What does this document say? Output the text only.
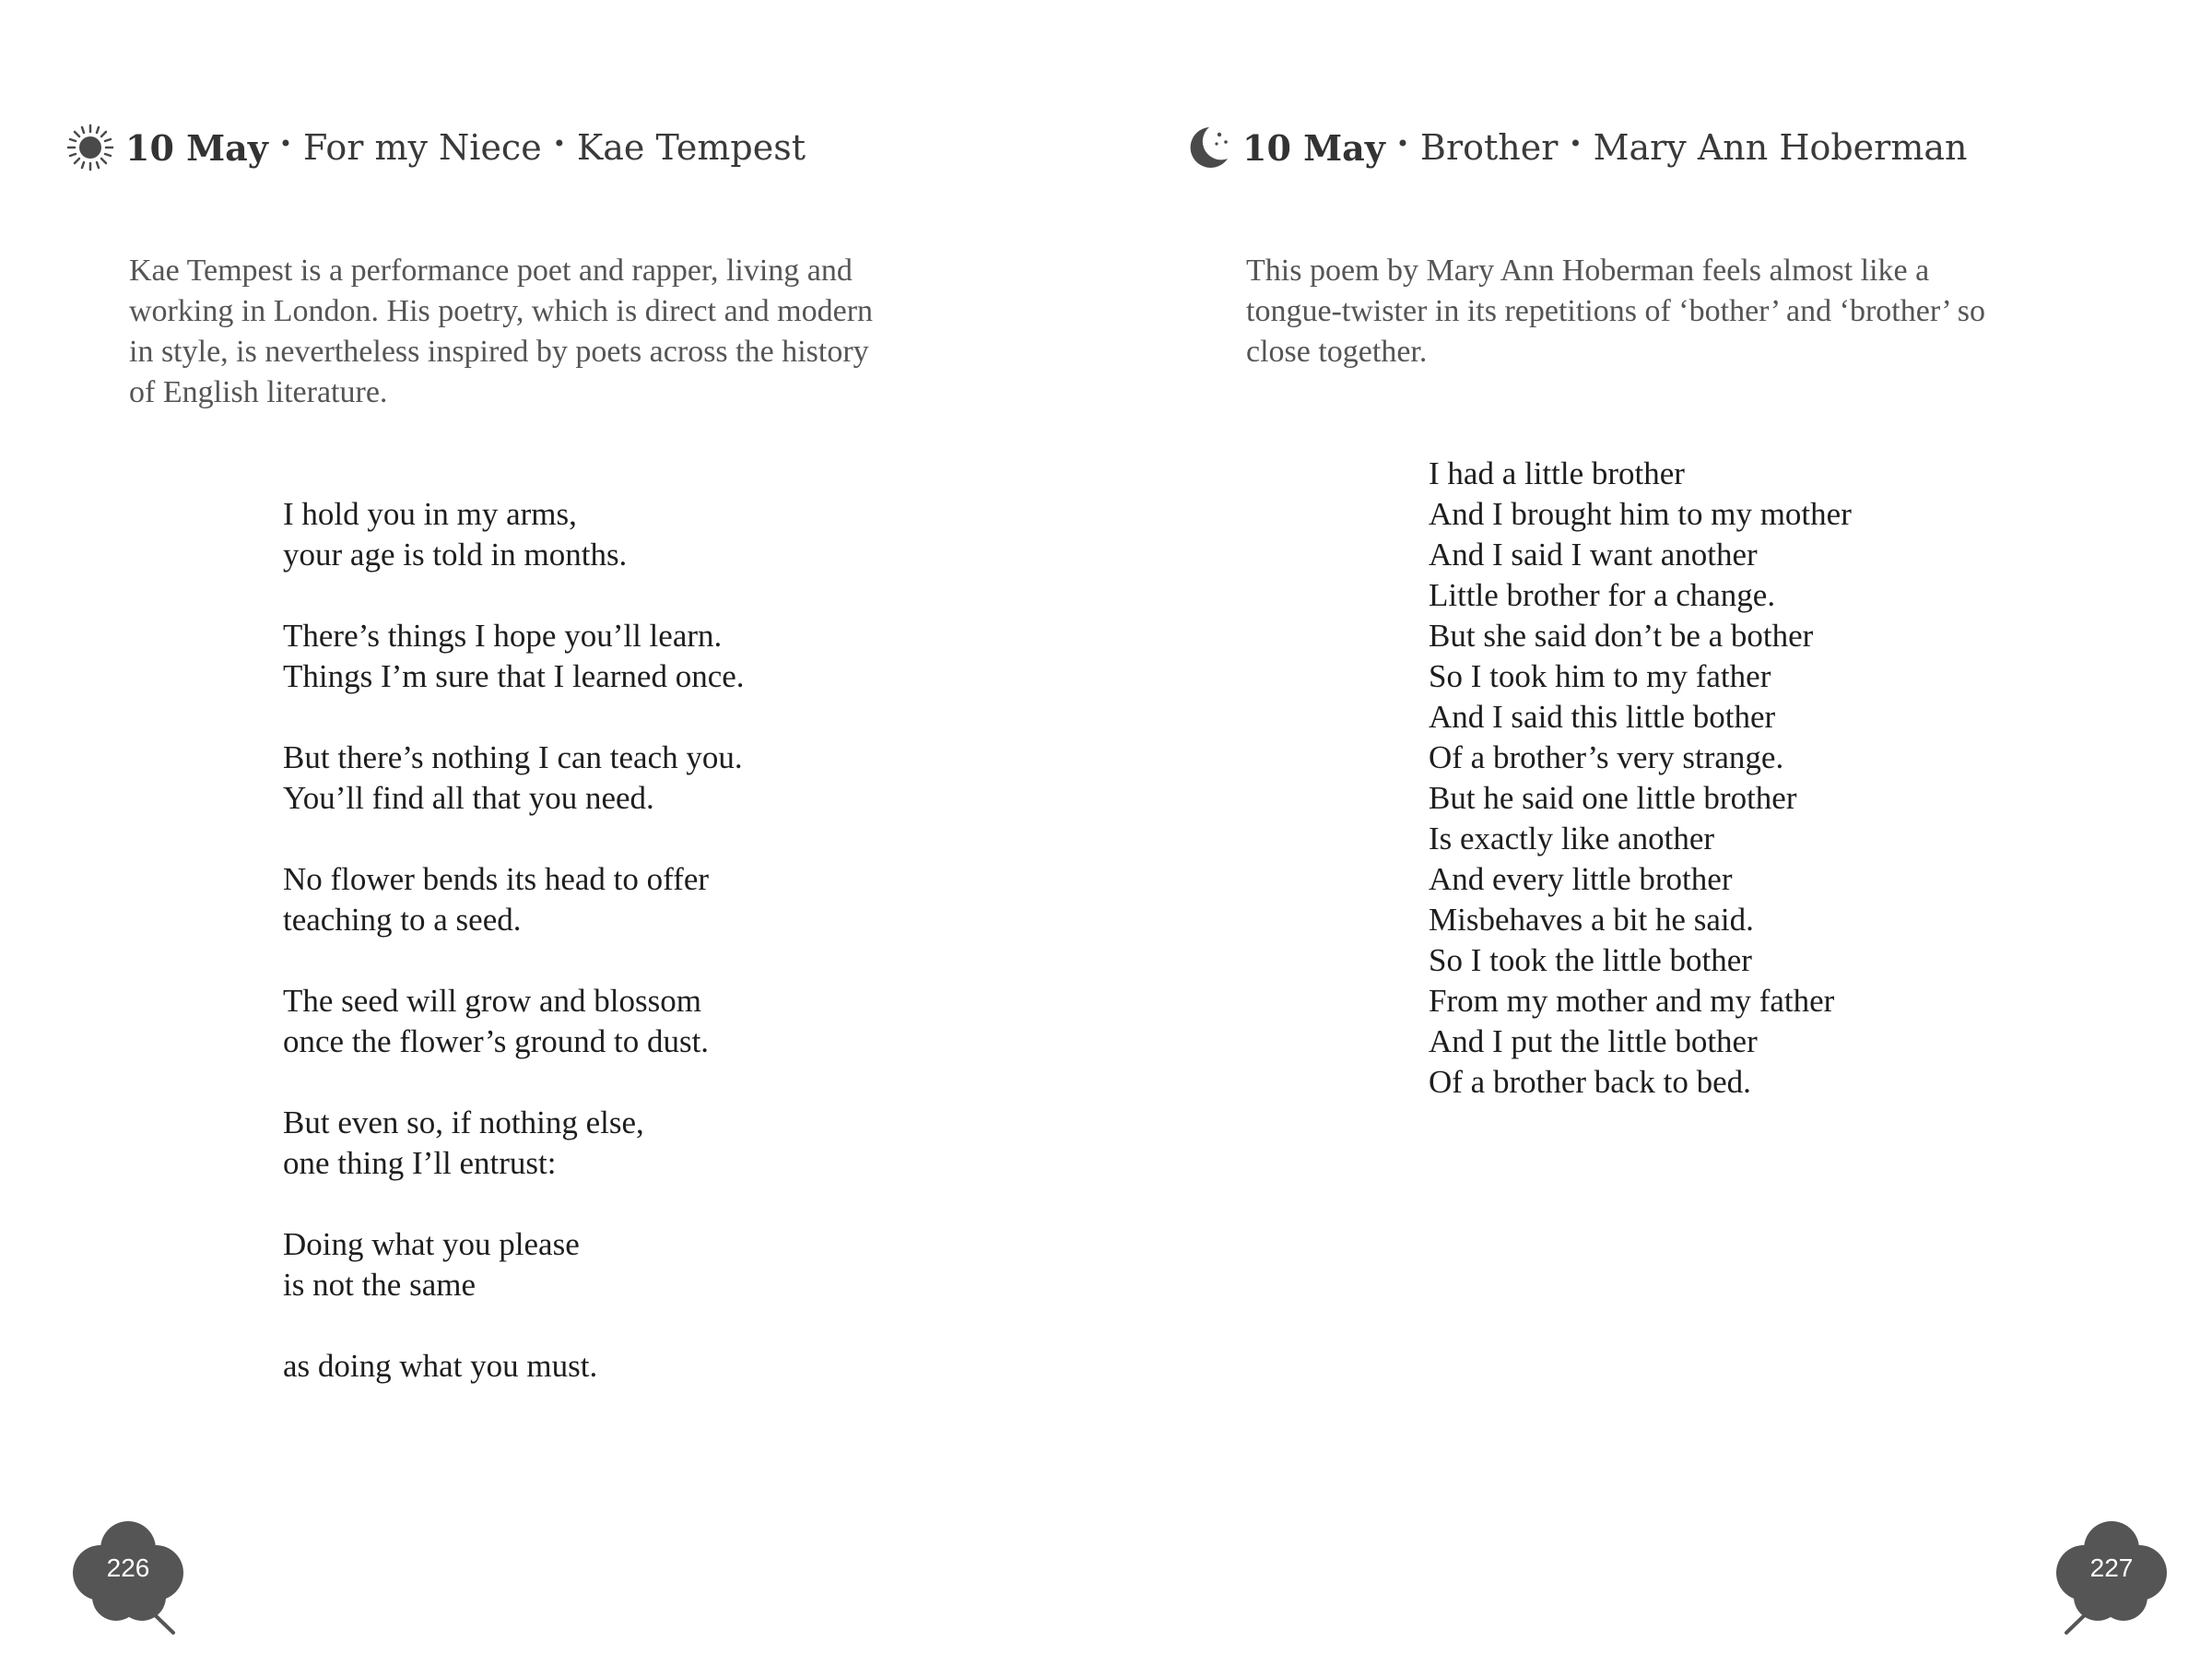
10 May • For my Niece • Kae Tempest

Kae Tempest is a performance poet and rapper, living and

working in London. His poetry, which is direct and modern

in style, is nevertheless inspired by poets across the history

of English literature.

I hold you in my arms,
your age is told in months.
There’s things I hope you’ll learn.
Things I’m sure that I learned once.
But there’s nothing I can teach you.
You’ll find all that you need.
No flower bends its head to offer
teaching to a seed.
The seed will grow and blossom
once the flower’s ground to dust.
But even so, if nothing else,
one thing I’ll entrust:
Doing what you please
is not the same
as doing what you must.
226
10 May • Brother • Mary Ann Hoberman

This poem by Mary Ann Hoberman feels almost like a

tongue-twister in its repetitions of ‘bother’ and ‘brother’ so

close together.

I had a little brother
And I brought him to my mother
And I said I want another
Little brother for a change.
But she said don’t be a bother
So I took him to my father
And I said this little bother
Of a brother’s very strange.
But he said one little brother
Is exactly like another
And every little brother
Misbehaves a bit he said.
So I took the little bother
From my mother and my father
And I put the little bother
Of a brother back to bed.
227
